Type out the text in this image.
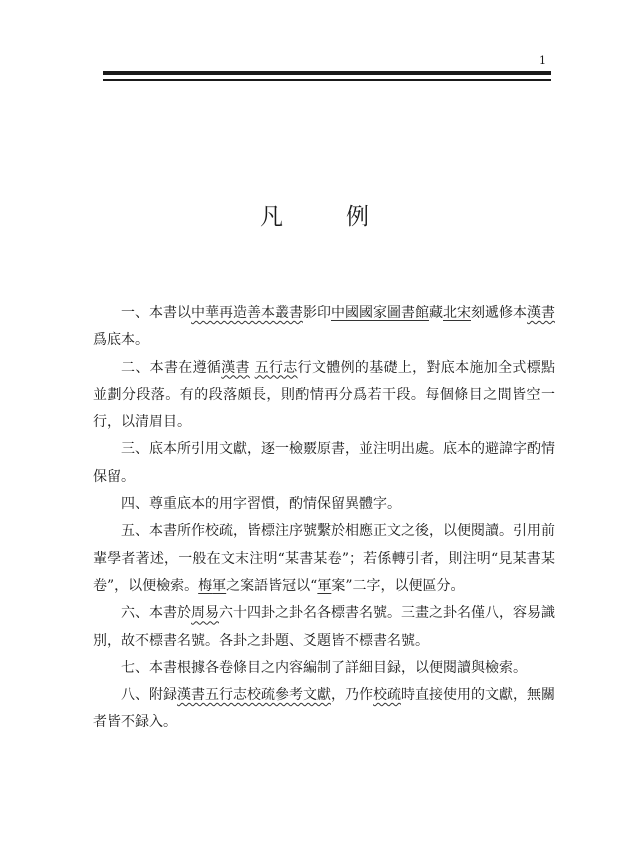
1
凡　例

一、本書以中華再造善本叢書影印中國國家圖書館藏北宋刻遞修本漢書爲底本。

二、本書在遵循漢書 五行志行文體例的基礎上，對底本施加全式標點並劃分段落。有的段落頗長，則酌情再分爲若干段。每個條目之間皆空一行，以清眉目。

三、底本所引用文獻，逐一檢覈原書，並注明出處。底本的避諱字酌情保留。

四、尊重底本的用字習慣，酌情保留異體字。

五、本書所作校疏，皆標注序號繫於相應正文之後，以便閱讀。引用前輩學者著述，一般在文末注明“某書某卷”；若係轉引者，則注明“見某書某卷”，以便檢索。梅軍之案語皆冠以“軍案”二字，以便區分。

六、本書於周易六十四卦之卦名各標書名號。三畫之卦名僅八，容易識別，故不標書名號。各卦之卦題、爻題皆不標書名號。

七、本書根據各卷條目之内容編制了詳細目録，以便閱讀與檢索。

八、附録漢書五行志校疏參考文獻，乃作校疏時直接使用的文獻，無關者皆不録入。
